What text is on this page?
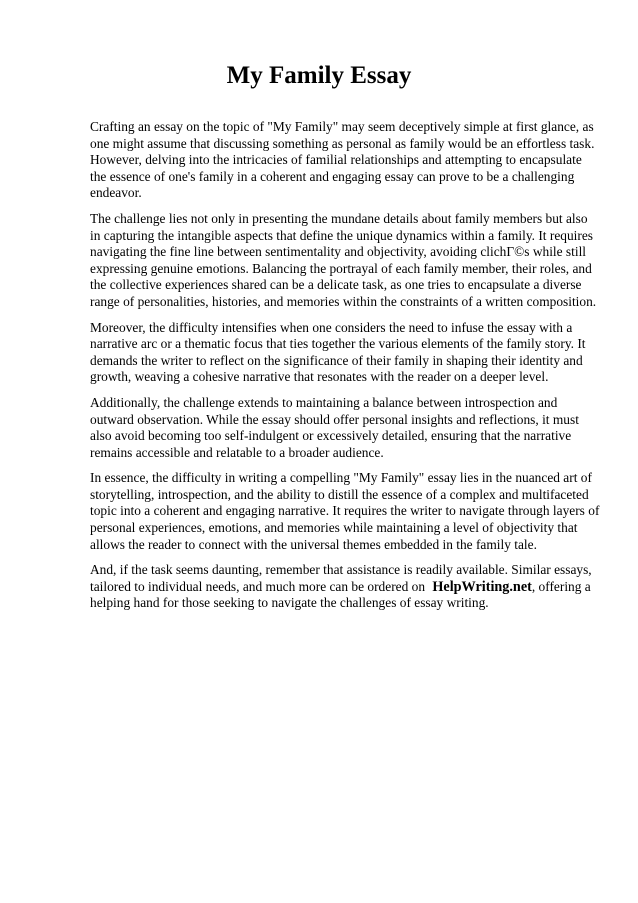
My Family Essay

Crafting an essay on the topic of "My Family" may seem deceptively simple at first glance, as one might assume that discussing something as personal as family would be an effortless task. However, delving into the intricacies of familial relationships and attempting to encapsulate the essence of one's family in a coherent and engaging essay can prove to be a challenging endeavor.

The challenge lies not only in presenting the mundane details about family members but also in capturing the intangible aspects that define the unique dynamics within a family. It requires navigating the fine line between sentimentality and objectivity, avoiding clichГ©s while still expressing genuine emotions. Balancing the portrayal of each family member, their roles, and the collective experiences shared can be a delicate task, as one tries to encapsulate a diverse range of personalities, histories, and memories within the constraints of a written composition.

Moreover, the difficulty intensifies when one considers the need to infuse the essay with a narrative arc or a thematic focus that ties together the various elements of the family story. It demands the writer to reflect on the significance of their family in shaping their identity and growth, weaving a cohesive narrative that resonates with the reader on a deeper level.

Additionally, the challenge extends to maintaining a balance between introspection and outward observation. While the essay should offer personal insights and reflections, it must also avoid becoming too self-indulgent or excessively detailed, ensuring that the narrative remains accessible and relatable to a broader audience.

In essence, the difficulty in writing a compelling "My Family" essay lies in the nuanced art of storytelling, introspection, and the ability to distill the essence of a complex and multifaceted topic into a coherent and engaging narrative. It requires the writer to navigate through layers of personal experiences, emotions, and memories while maintaining a level of objectivity that allows the reader to connect with the universal themes embedded in the family tale.

And, if the task seems daunting, remember that assistance is readily available. Similar essays, tailored to individual needs, and much more can be ordered on HelpWriting.net, offering a helping hand for those seeking to navigate the challenges of essay writing.
